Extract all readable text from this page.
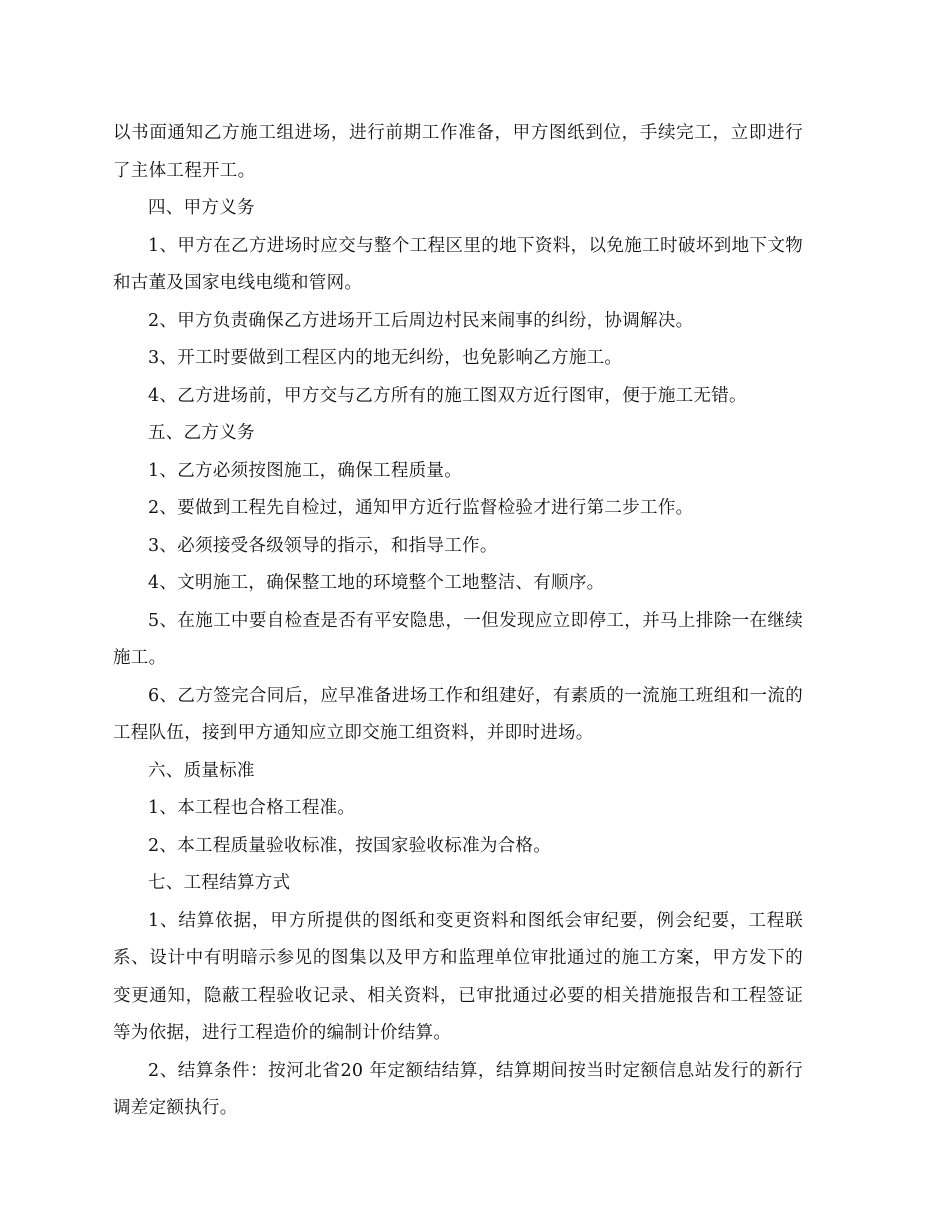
以书面通知乙方施工组进场，进行前期工作准备，甲方图纸到位，手续完工，立即进行了主体工程开工。

四、甲方义务

1、甲方在乙方进场时应交与整个工程区里的地下资料，以免施工时破坏到地下文物和古董及国家电线电缆和管网。

2、甲方负责确保乙方进场开工后周边村民来闹事的纠纷，协调解决。

3、开工时要做到工程区内的地无纠纷，也免影响乙方施工。

4、乙方进场前，甲方交与乙方所有的施工图双方近行图审，便于施工无错。

五、乙方义务

1、乙方必须按图施工，确保工程质量。

2、要做到工程先自检过，通知甲方近行监督检验才进行第二步工作。

3、必须接受各级领导的指示，和指导工作。

4、文明施工，确保整工地的环境整个工地整洁、有顺序。

5、在施工中要自检查是否有平安隐患，一但发现应立即停工，并马上排除一在继续施工。

6、乙方签完合同后，应早准备进场工作和组建好，有素质的一流施工班组和一流的工程队伍，接到甲方通知应立即交施工组资料，并即时进场。

六、质量标准

1、本工程也合格工程准。

2、本工程质量验收标准，按国家验收标准为合格。

七、工程结算方式

1、结算依据，甲方所提供的图纸和变更资料和图纸会审纪要，例会纪要，工程联系、设计中有明暗示参见的图集以及甲方和监理单位审批通过的施工方案，甲方发下的变更通知，隐蔽工程验收记录、相关资料，已审批通过必要的相关措施报告和工程签证等为依据，进行工程造价的编制计价结算。

2、结算条件：按河北省20 年定额结结算，结算期间按当时定额信息站发行的新行调差定额执行。
